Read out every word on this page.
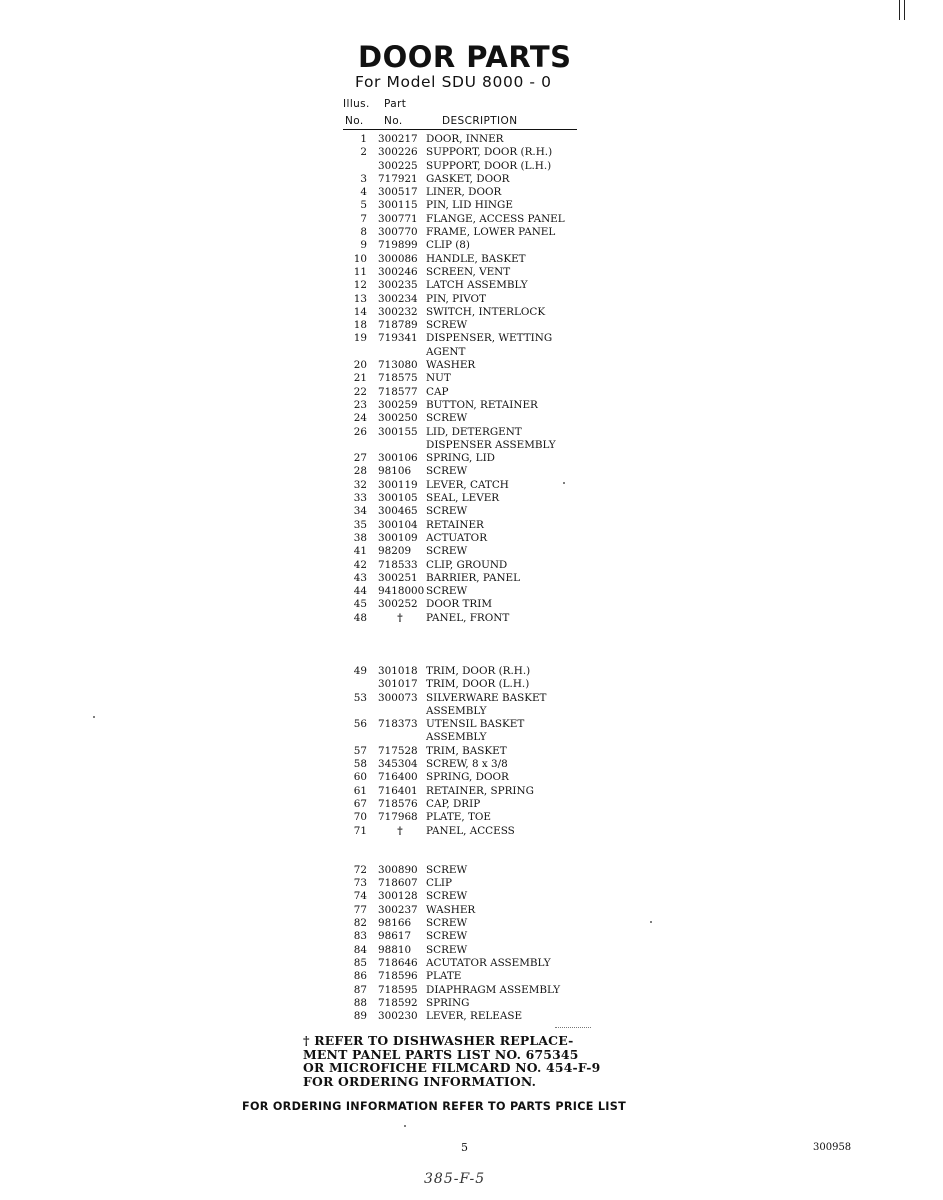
DOOR PARTS
For Model SDU 8000 - 0
Illus. Part
No. No.	DESCRIPTION
1 300217 DOOR, INNER
2 300226 SUPPORT, DOOR (R.H.)
300225 SUPPORT, DOOR (L.H.)
3 717921 GASKET, DOOR
4 300517 LINER, DOOR
5 300115 PIN, LID HINGE
7 300771 FLANGE, ACCESS PANEL
8 300770 FRAME, LOWER PANEL
9 719899 CLIP (8)
10 300086 HANDLE, BASKET
11 300246 SCREEN, VENT
12 300235 LATCH ASSEMBLY
13 300234 PIN, PIVOT
14 300232 SWITCH, INTERLOCK
18 718789 SCREW
19 719341 DISPENSER, WETTING
AGENT
20 713080 WASHER
21 718575 NUT
22 718577 CAP
23 300259 BUTTON, RETAINER
24 300250 SCREW
26 300155 LID, DETERGENT
DISPENSER ASSEMBLY
27 300106 SPRING, LID
28 98106	SCREW
32 300119 LEVER, CATCH
33 300105 SEAL, LEVER
34 300465 SCREW
35 300104 RETAINER
38 300109 ACTUATOR
41 98209	SCREW
42 718533 CLIP, GROUND
43 300251 BARRIER, PANEL
44 9418000 SCREW
45 300252 DOOR TRIM
48	†	PANEL, FRONT
49 301018 TRIM, DOOR (R.H.)
301017 TRIM, DOOR (L.H.)
53 300073 SILVERWARE BASKET
ASSEMBLY
56 718373 UTENSIL BASKET
ASSEMBLY
57 717528 TRIM, BASKET
58 345304 SCREW, 8 x 3/8
60 716400 SPRING, DOOR
61 716401 RETAINER, SPRING
67 718576 CAP, DRIP
70 717968 PLATE, TOE
71	†	PANEL, ACCESS
72 300890 SCREW
73 718607 CLIP
74 300128 SCREW
77 300237 WASHER
82 98166	SCREW
83 98617	SCREW
84 98810	SCREW
85 718646 ACUTATOR ASSEMBLY
86 718596 PLATE
87 718595 DIAPHRAGM ASSEMBLY
88 718592 SPRING
89 300230 LEVER, RELEASE
† REFER TO DISHWASHER REPLACE-
MENT PANEL PARTS LIST NO. 675345
OR MICROFICHE FILMCARD NO. 454-F-9
FOR ORDERING INFORMATION.
FOR ORDERING INFORMATION REFER TO PARTS PRICE LIST
5	300958
385-F-5
